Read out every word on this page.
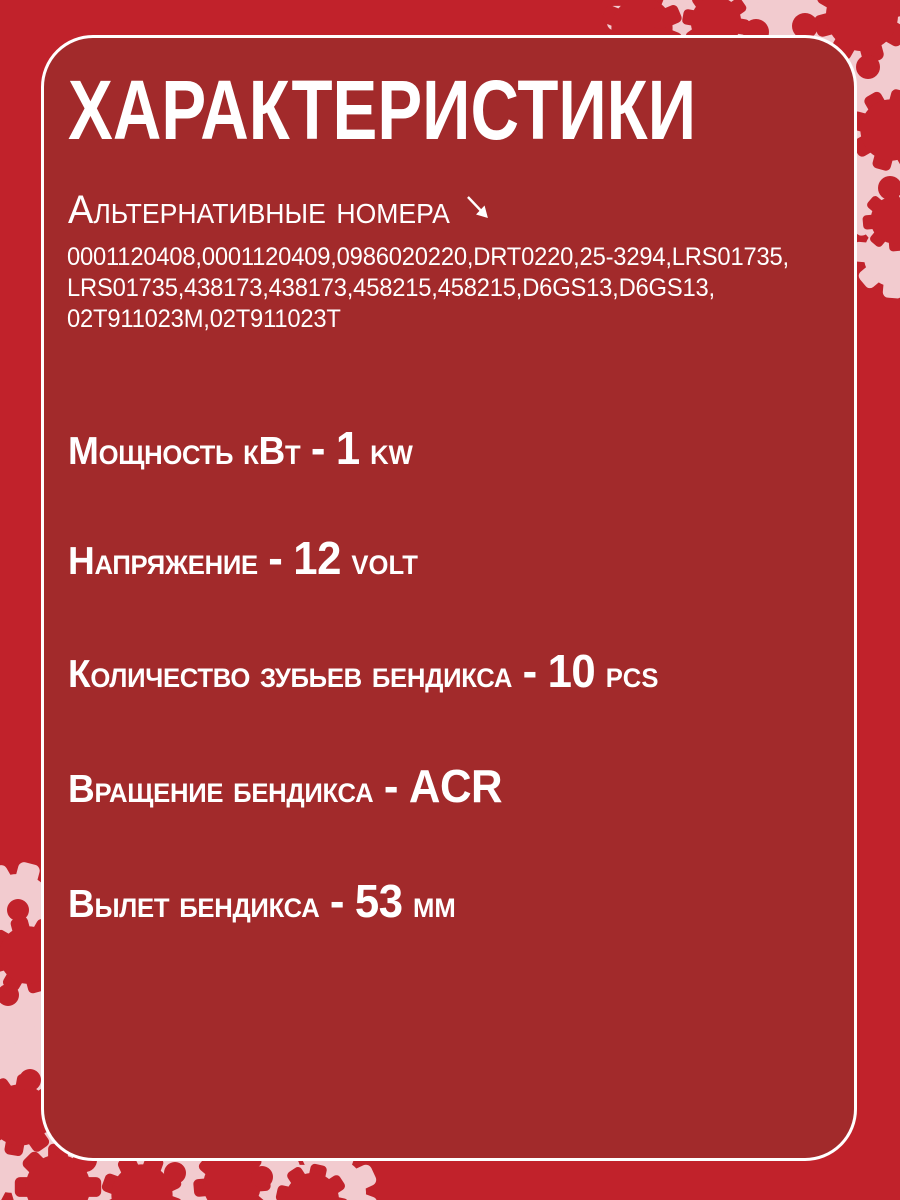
ХАРАКТЕРИСТИКИ
Альтернативные номера
0001120408,0001120409,0986020220,DRT0220,25-3294,LRS01735,
LRS01735,438173,438173,458215,458215,D6GS13,D6GS13,
02T911023M,02T911023T
Мощность кВт - 1 kw
Напряжение - 12 volt
Количество зубьев бендикса - 10 pcs
Вращение бендикса - ACR
Вылет бендикса - 53 мм
